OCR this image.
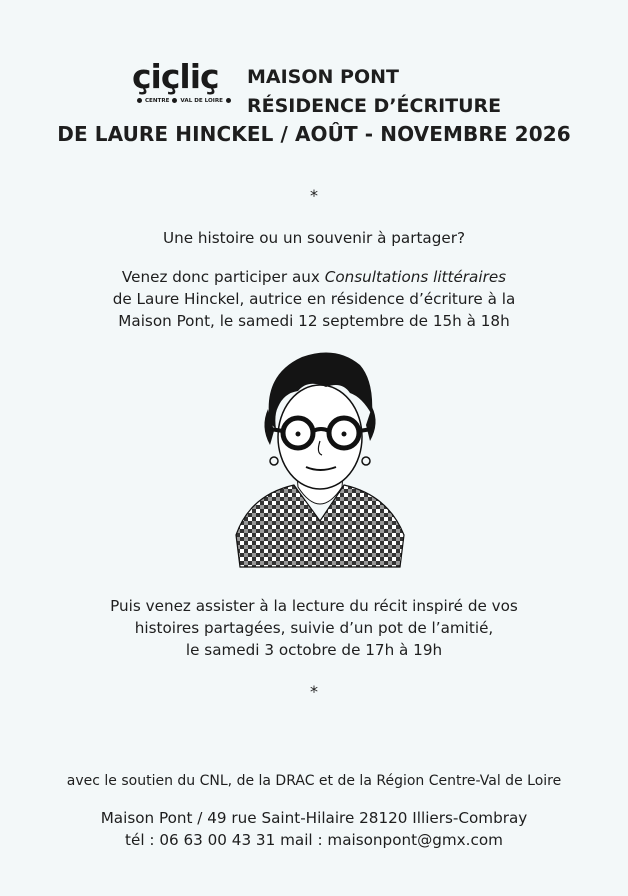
çiçliç
CENTRE VAL DE LOIRE
MAISON PONT
RÉSIDENCE D’ÉCRITURE
DE LAURE HINCKEL / AOÛT - NOVEMBRE 2026
*
Une histoire ou un souvenir à partager?
Venez donc participer aux Consultations littéraires
de Laure Hinckel, autrice en résidence d’écriture à la
Maison Pont, le samedi 12 septembre de 15h à 18h
Puis venez assister à la lecture du récit inspiré de vos
histoires partagées, suivie d’un pot de l’amitié,
le samedi 3 octobre de 17h à 19h
*
avec le soutien du CNL, de la DRAC et de la Région Centre-Val de Loire
Maison Pont / 49 rue Saint-Hilaire 28120 Illiers-Combray
tél : 06 63 00 43 31 mail : maisonpont@gmx.com
